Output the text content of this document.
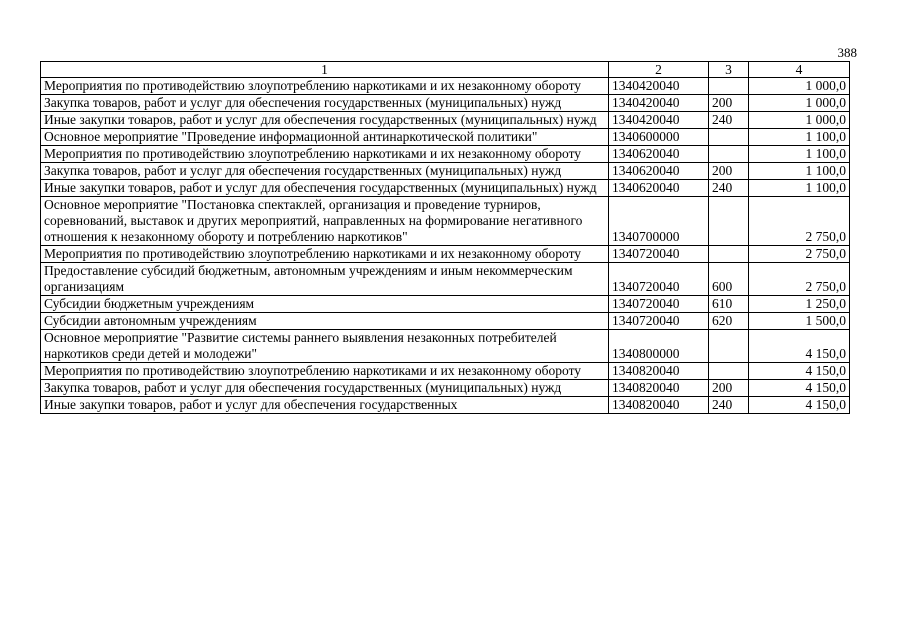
388
1	2	3	4
Мероприятия по противодействию злоупотреблению наркотиками и их незаконному обороту	1340420040		1 000,0
Закупка товаров, работ и услуг для обеспечения государственных (муниципальных) нужд	1340420040	200	1 000,0
Иные закупки товаров, работ и услуг для обеспечения государственных (муниципальных) нужд	1340420040	240	1 000,0
Основное мероприятие "Проведение информационной антинаркотической политики"	1340600000		1 100,0
Мероприятия по противодействию злоупотреблению наркотиками и их незаконному обороту	1340620040		1 100,0
Закупка товаров, работ и услуг для обеспечения государственных (муниципальных) нужд	1340620040	200	1 100,0
Иные закупки товаров, работ и услуг для обеспечения государственных (муниципальных) нужд	1340620040	240	1 100,0
Основное мероприятие "Постановка спектаклей, организация и проведение турниров, соревнований, выставок и других мероприятий, направленных на формирование негативного отношения к незаконному обороту и потреблению наркотиков"	1340700000		2 750,0
Мероприятия по противодействию злоупотреблению наркотиками и их незаконному обороту	1340720040		2 750,0
Предоставление субсидий бюджетным, автономным учреждениям и иным некоммерческим организациям	1340720040	600	2 750,0
Субсидии бюджетным учреждениям	1340720040	610	1 250,0
Субсидии автономным учреждениям	1340720040	620	1 500,0
Основное мероприятие "Развитие системы раннего выявления незаконных потребителей наркотиков среди детей и молодежи"	1340800000		4 150,0
Мероприятия по противодействию злоупотреблению наркотиками и их незаконному обороту	1340820040		4 150,0
Закупка товаров, работ и услуг для обеспечения государственных (муниципальных) нужд	1340820040	200	4 150,0
Иные закупки товаров, работ и услуг для обеспечения государственных	1340820040	240	4 150,0
